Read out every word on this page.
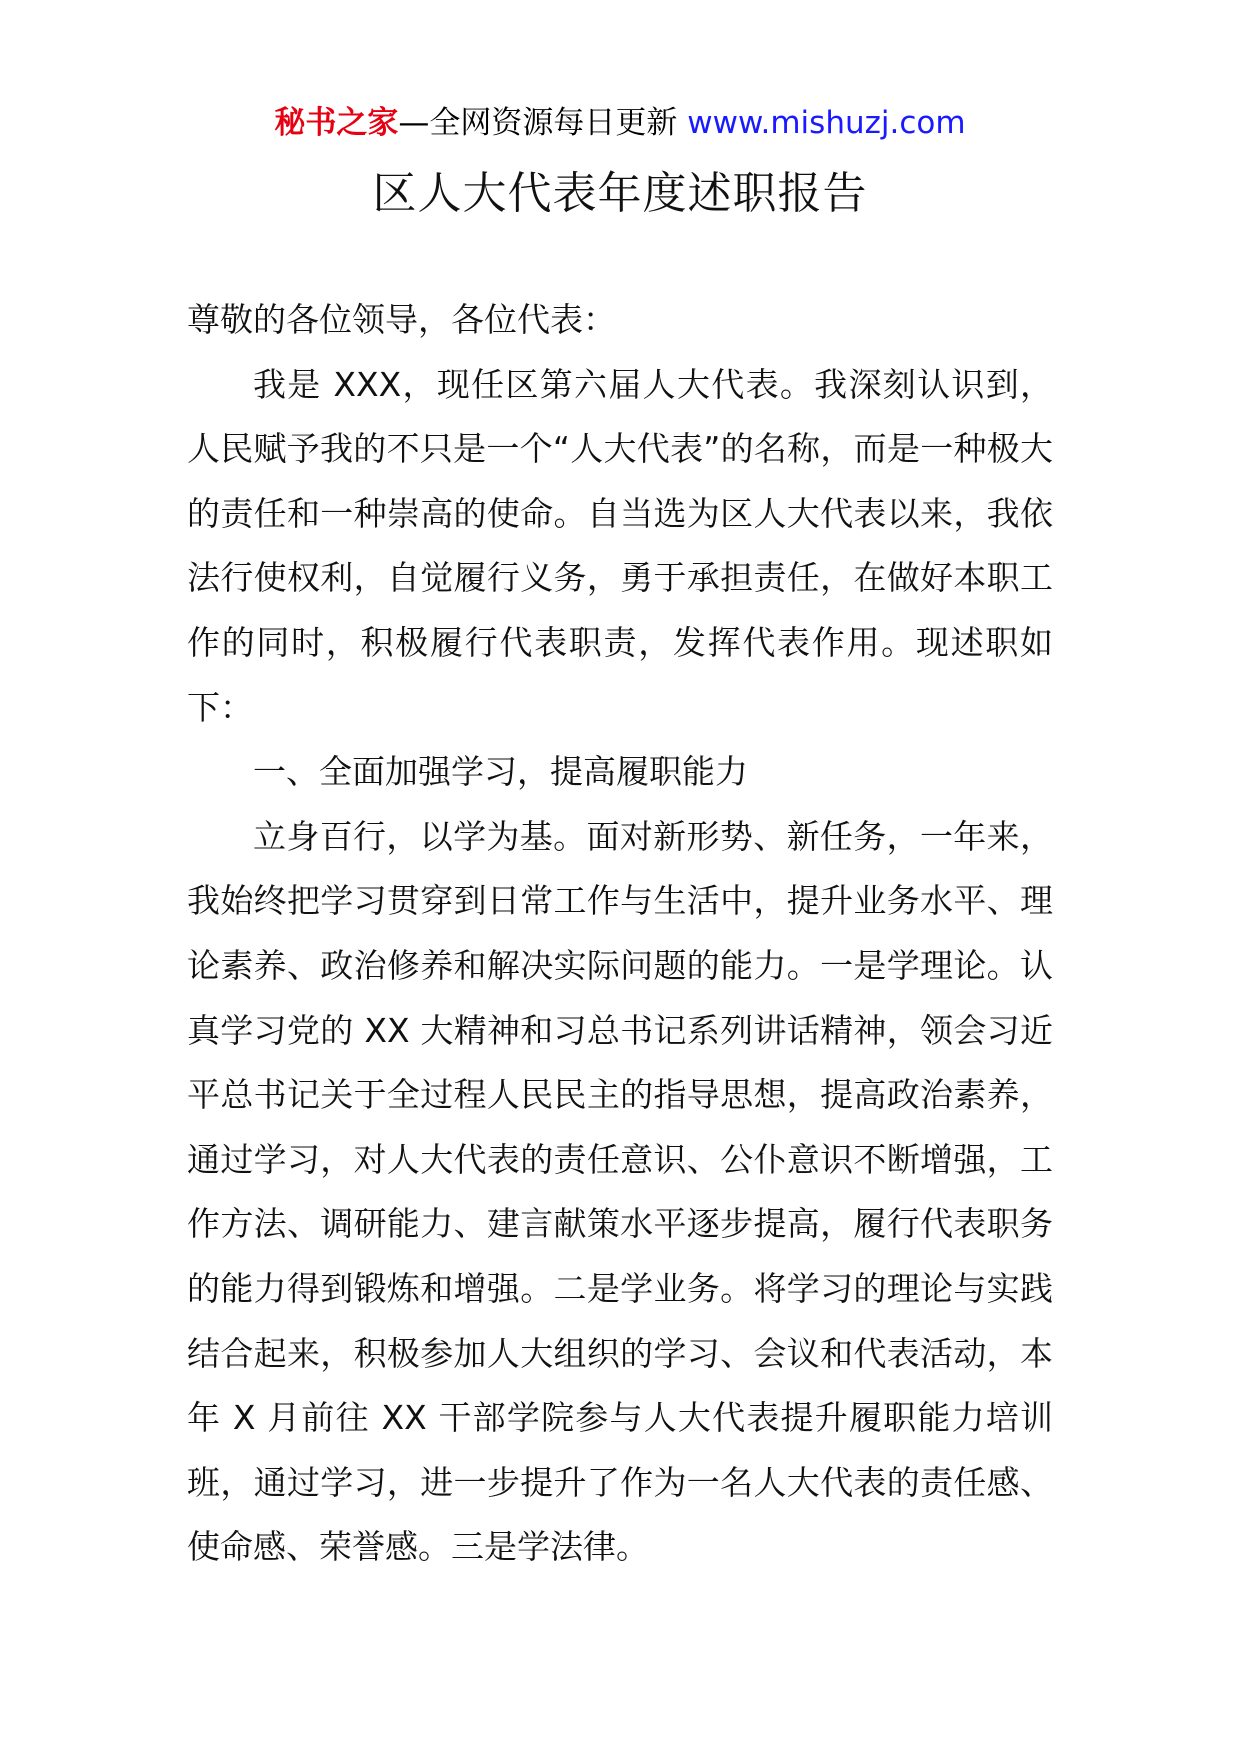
秘书之家—全网资源每日更新 www.mishuzj.com
区人大代表年度述职报告

尊敬的各位领导，各位代表：

我是 XXX，现任区第六届人大代表。我深刻认识到，人民赋予我的不只是一个“人大代表”的名称，而是一种极大的责任和一种崇高的使命。自当选为区人大代表以来，我依法行使权利，自觉履行义务，勇于承担责任，在做好本职工作的同时，积极履行代表职责，发挥代表作用。现述职如下：

一、全面加强学习，提高履职能力

立身百行，以学为基。面对新形势、新任务，一年来，我始终把学习贯穿到日常工作与生活中，提升业务水平、理论素养、政治修养和解决实际问题的能力。一是学理论。认真学习党的 XX 大精神和习总书记系列讲话精神，领会习近平总书记关于全过程人民民主的指导思想，提高政治素养，通过学习，对人大代表的责任意识、公仆意识不断增强，工作方法、调研能力、建言献策水平逐步提高，履行代表职务的能力得到锻炼和增强。二是学业务。将学习的理论与实践结合起来，积极参加人大组织的学习、会议和代表活动，本年 X 月前往 XX 干部学院参与人大代表提升履职能力培训班，通过学习，进一步提升了作为一名人大代表的责任感、使命感、荣誉感。三是学法律。
